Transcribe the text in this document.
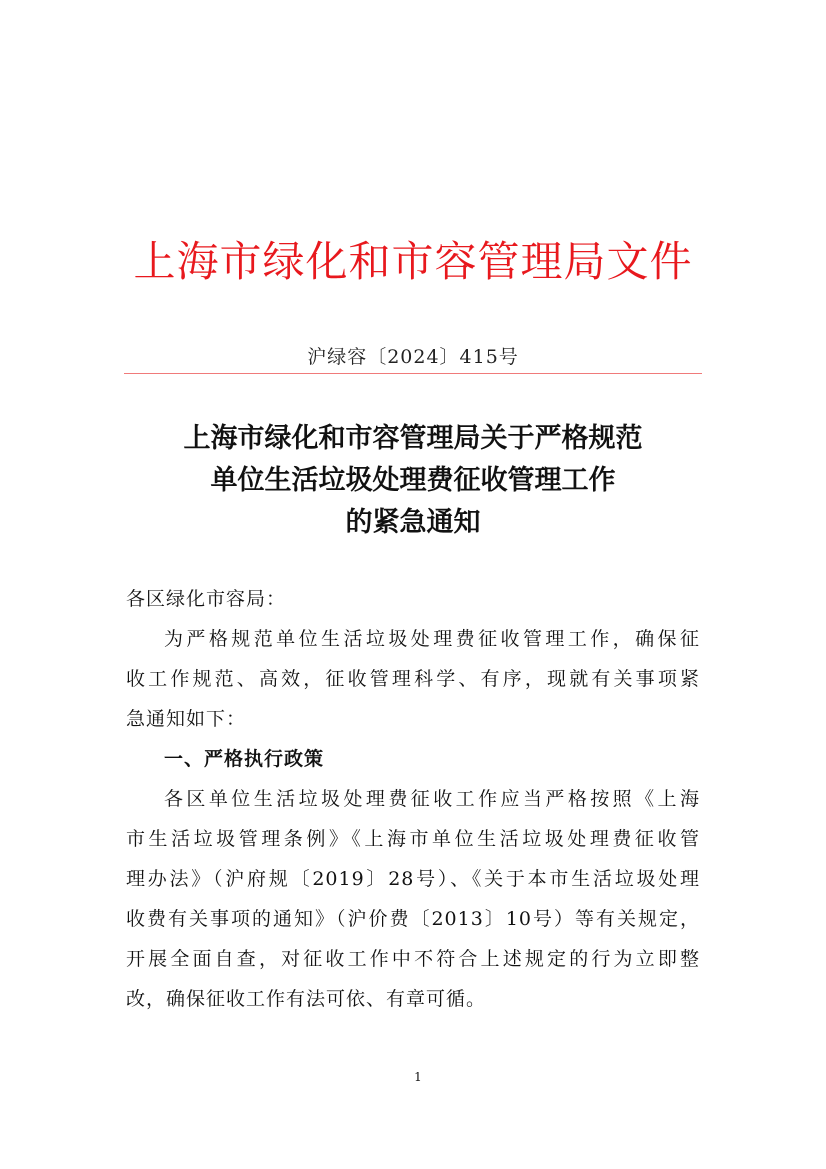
上海市绿化和市容管理局文件
沪绿容〔2024〕415号
上海市绿化和市容管理局关于严格规范
单位生活垃圾处理费征收管理工作
的紧急通知
各区绿化市容局：
为严格规范单位生活垃圾处理费征收管理工作，确保征
收工作规范、高效，征收管理科学、有序，现就有关事项紧
急通知如下：
一、严格执行政策
各区单位生活垃圾处理费征收工作应当严格按照《上海
市生活垃圾管理条例》《上海市单位生活垃圾处理费征收管
理办法》（沪府规〔2019〕28号）、《关于本市生活垃圾处理
收费有关事项的通知》（沪价费〔2013〕10号）等有关规定，
开展全面自查，对征收工作中不符合上述规定的行为立即整
改，确保征收工作有法可依、有章可循。
1
